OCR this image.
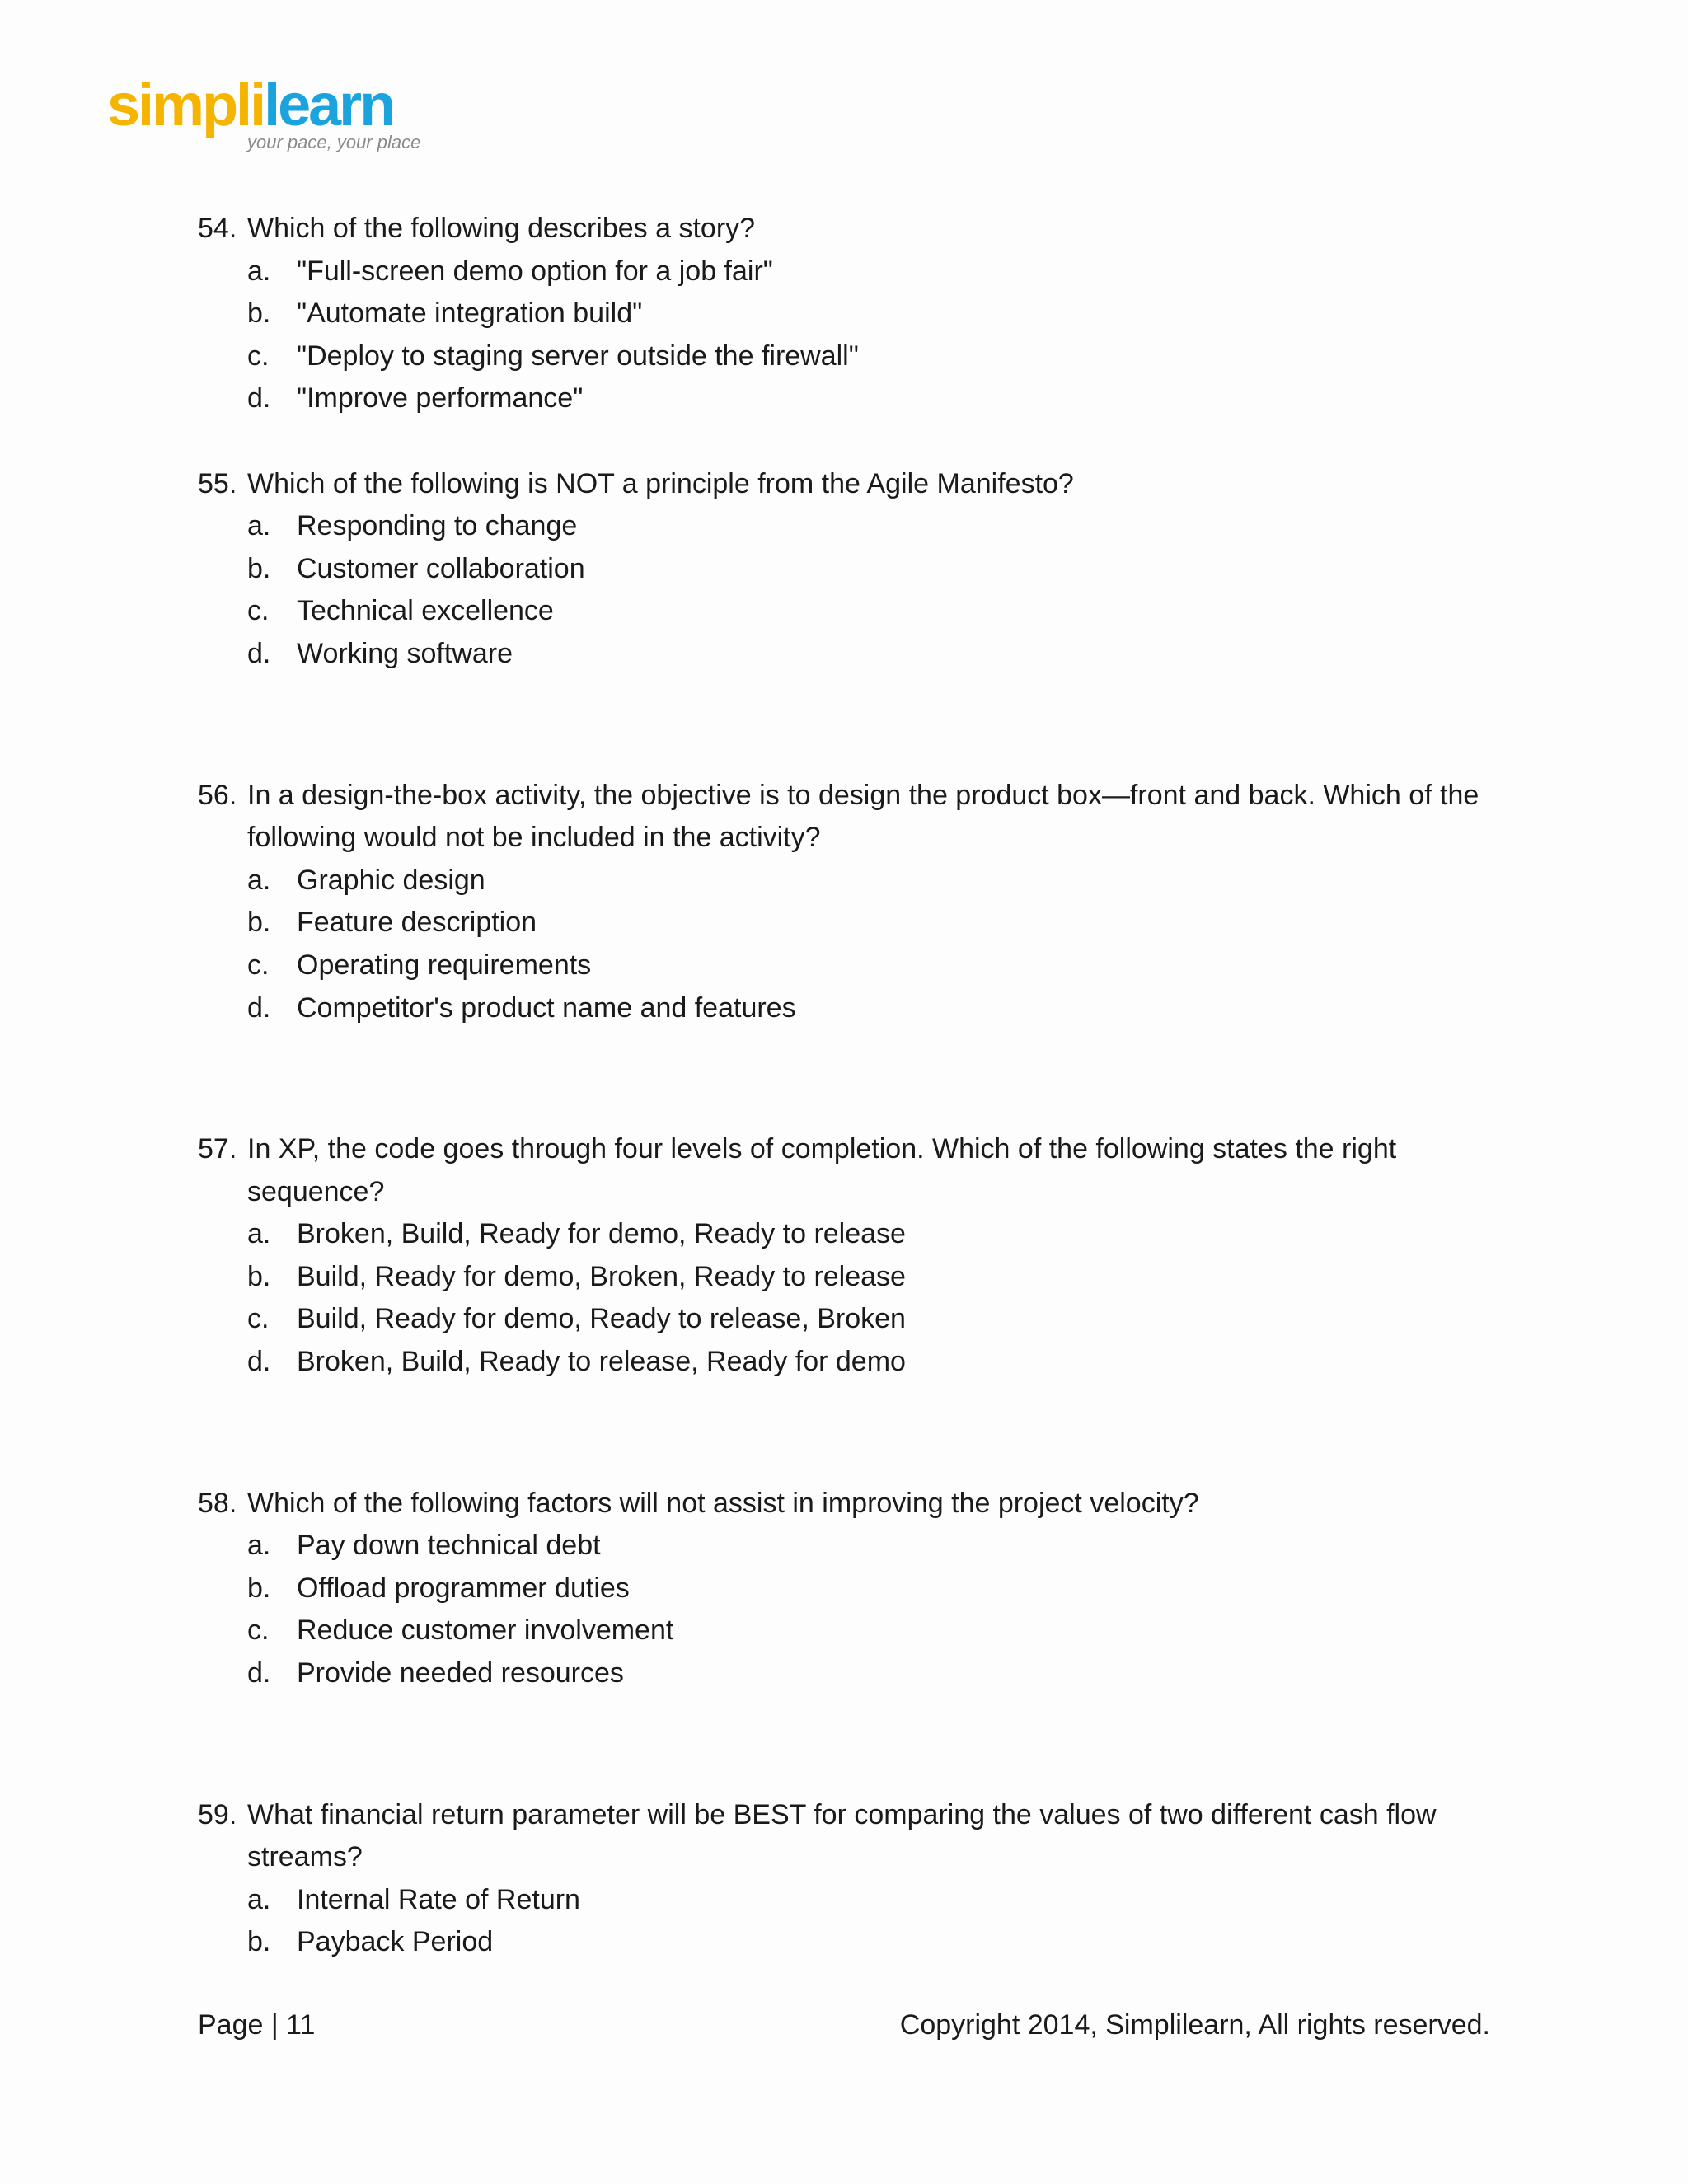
simplilearn
your pace, your place
54. Which of the following describes a story?
a. "Full-screen demo option for a job fair"
b. "Automate integration build"
c. "Deploy to staging server outside the firewall"
d. "Improve performance"
55. Which of the following is NOT a principle from the Agile Manifesto?
a. Responding to change
b. Customer collaboration
c. Technical excellence
d. Working software
56. In a design-the-box activity, the objective is to design the product box—front and back. Which of the following would not be included in the activity?
a. Graphic design
b. Feature description
c. Operating requirements
d. Competitor's product name and features
57. In XP, the code goes through four levels of completion. Which of the following states the right sequence?
a. Broken, Build, Ready for demo, Ready to release
b. Build, Ready for demo, Broken, Ready to release
c. Build, Ready for demo, Ready to release, Broken
d. Broken, Build, Ready to release, Ready for demo
58. Which of the following factors will not assist in improving the project velocity?
a. Pay down technical debt
b. Offload programmer duties
c. Reduce customer involvement
d. Provide needed resources
59. What financial return parameter will be BEST for comparing the values of two different cash flow streams?
a. Internal Rate of Return
b. Payback Period
Page | 11	Copyright 2014, Simplilearn, All rights reserved.
